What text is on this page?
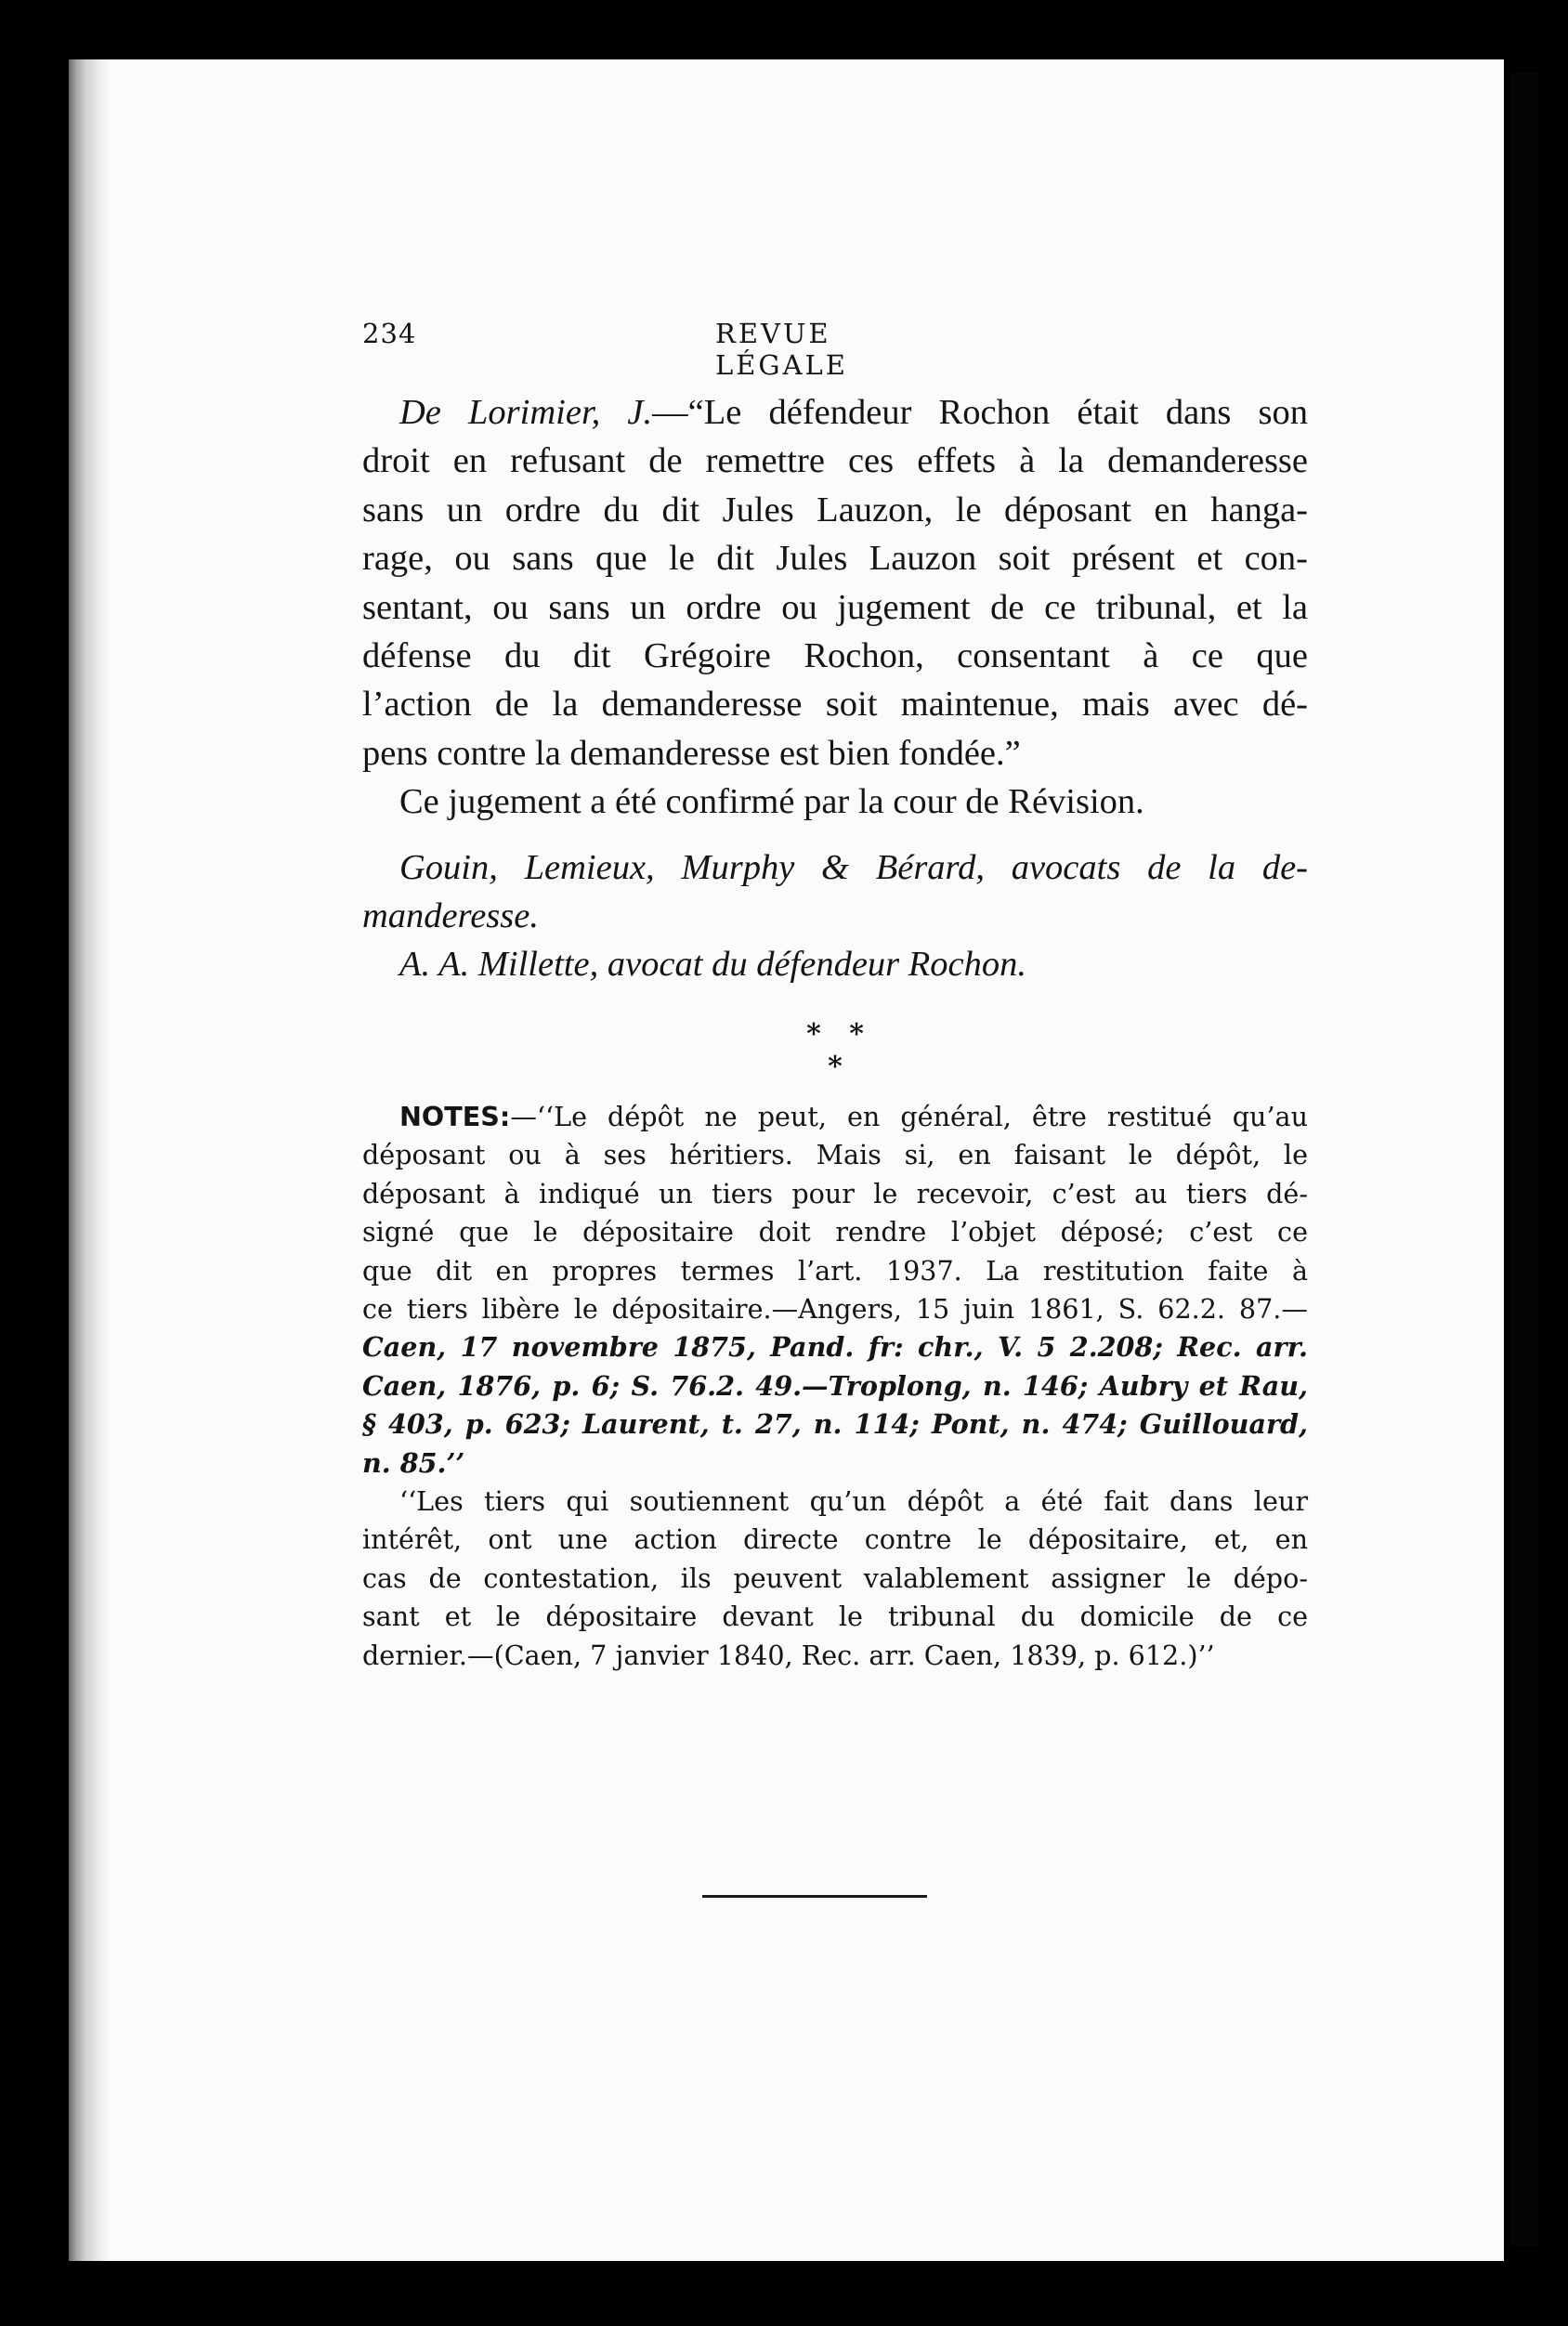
234	REVUE LÉGALE

De Lorimier, J.—“Le défendeur Rochon était dans son

droit en refusant de remettre ces effets à la demanderesse

sans un ordre du dit Jules Lauzon, le déposant en hanga-

rage, ou sans que le dit Jules Lauzon soit présent et con-

sentant, ou sans un ordre ou jugement de ce tribunal, et la

défense du dit Grégoire Rochon, consentant à ce que

l’action de la demanderesse soit maintenue, mais avec dé-

pens contre la demanderesse est bien fondée.”

Ce jugement a été confirmé par la cour de Révision.

Gouin, Lemieux, Murphy & Bérard, avocats de la de-

manderesse.

A. A. Millette, avocat du défendeur Rochon.

* * *

NOTES:—‘‘Le dépôt ne peut, en général, être restitué qu’au

déposant ou à ses héritiers. Mais si, en faisant le dépôt, le

déposant à indiqué un tiers pour le recevoir, c’est au tiers dé-

signé que le dépositaire doit rendre l’objet déposé; c’est ce

que dit en propres termes l’art. 1937. La restitution faite à

ce tiers libère le dépositaire.—Angers, 15 juin 1861, S. 62.2. 87.—

Caen, 17 novembre 1875, Pand. fr: chr., V. 5 2.208; Rec. arr.

Caen, 1876, p. 6; S. 76.2. 49.—Troplong, n. 146; Aubry et Rau,

§ 403, p. 623; Laurent, t. 27, n. 114; Pont, n. 474; Guillouard,

n. 85.’’

‘‘Les tiers qui soutiennent qu’un dépôt a été fait dans leur

intérêt, ont une action directe contre le dépositaire, et, en

cas de contestation, ils peuvent valablement assigner le dépo-

sant et le dépositaire devant le tribunal du domicile de ce

dernier.—(Caen, 7 janvier 1840, Rec. arr. Caen, 1839, p. 612.)’’
